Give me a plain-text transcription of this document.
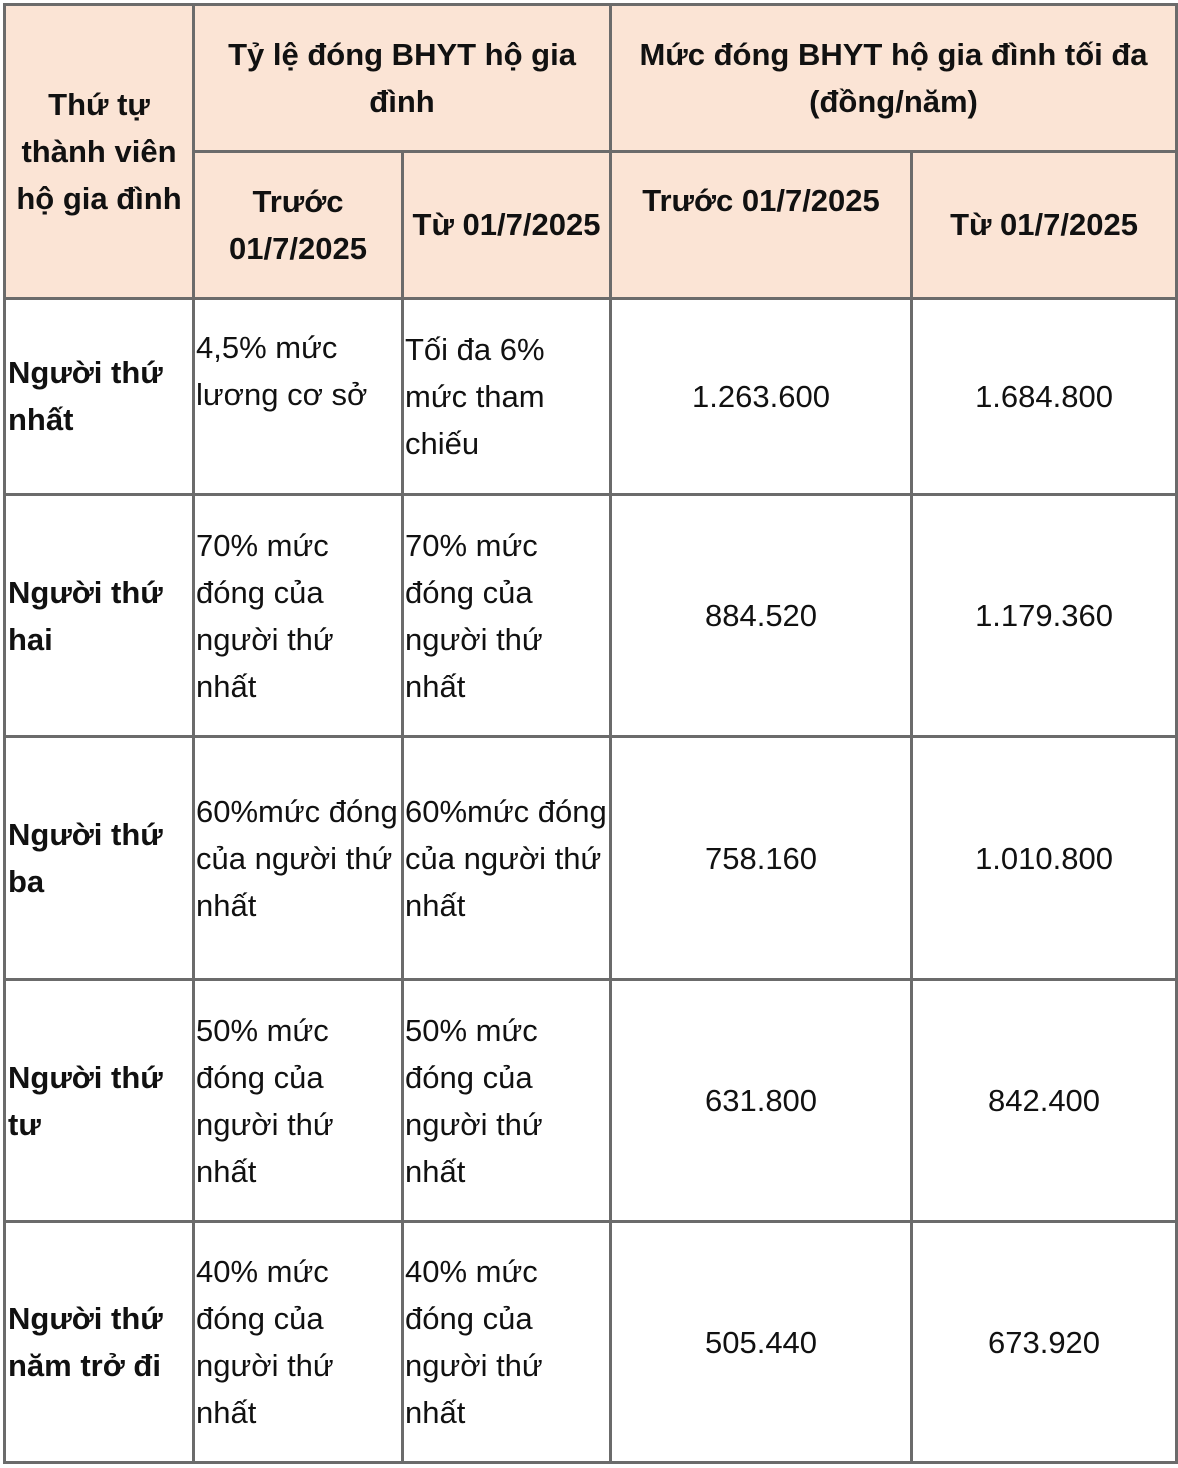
Thứ tự thành viên hộ gia đình	Tỷ lệ đóng BHYT hộ gia đình		Mức đóng BHYT hộ gia đình tối đa (đồng/năm)	
	Trước 01/7/2025	Từ 01/7/2025	Trước 01/7/2025	Từ 01/7/2025
Người thứ nhất	4,5% mức lương cơ sở	Tối đa 6% mức tham chiếu	1.263.600	1.684.800
Người thứ hai	70% mức đóng của người thứ nhất	70% mức đóng của người thứ nhất	884.520	1.179.360
Người thứ ba	60%mức đóng của người thứ nhất	60%mức đóng của người thứ nhất	758.160	1.010.800
Người thứ tư	50% mức đóng của người thứ nhất	50% mức đóng của người thứ nhất	631.800	842.400
Người thứ năm trở đi	40% mức đóng của người thứ nhất	40% mức đóng của người thứ nhất	505.440	673.920
